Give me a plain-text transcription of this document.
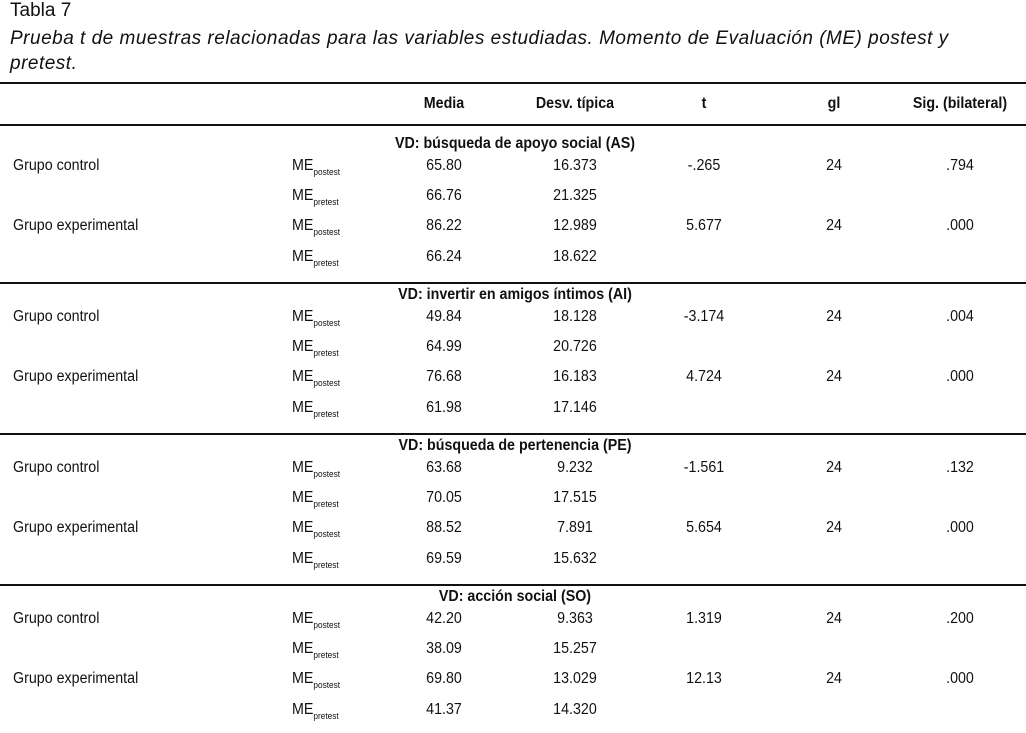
Tabla 7
Prueba t de muestras relacionadas para las variables estudiadas. Momento de Evaluación (ME) postest y pretest.
Media	Desv. típica	t	gl	Sig. (bilateral)
VD: búsqueda de apoyo social (AS)
Grupo control	$ME_{postest}$	65.80	16.373	-.265	24	.794
$ME_{pretest}$	66.76	21.325
Grupo experimental	$ME_{postest}$	86.22	12.989	5.677	24	.000
$ME_{pretest}$	66.24	18.622
VD: invertir en amigos íntimos (AI)
Grupo control	$ME_{postest}$	49.84	18.128	-3.174	24	.004
$ME_{pretest}$	64.99	20.726
Grupo experimental	$ME_{postest}$	76.68	16.183	4.724	24	.000
$ME_{pretest}$	61.98	17.146
VD: búsqueda de pertenencia (PE)
Grupo control	$ME_{postest}$	63.68	9.232	-1.561	24	.132
$ME_{pretest}$	70.05	17.515
Grupo experimental	$ME_{postest}$	88.52	7.891	5.654	24	.000
$ME_{pretest}$	69.59	15.632
VD: acción social (SO)
Grupo control	$ME_{postest}$	42.20	9.363	1.319	24	.200
$ME_{pretest}$	38.09	15.257
Grupo experimental	$ME_{postest}$	69.80	13.029	12.13	24	.000
$ME_{pretest}$	41.37	14.320
